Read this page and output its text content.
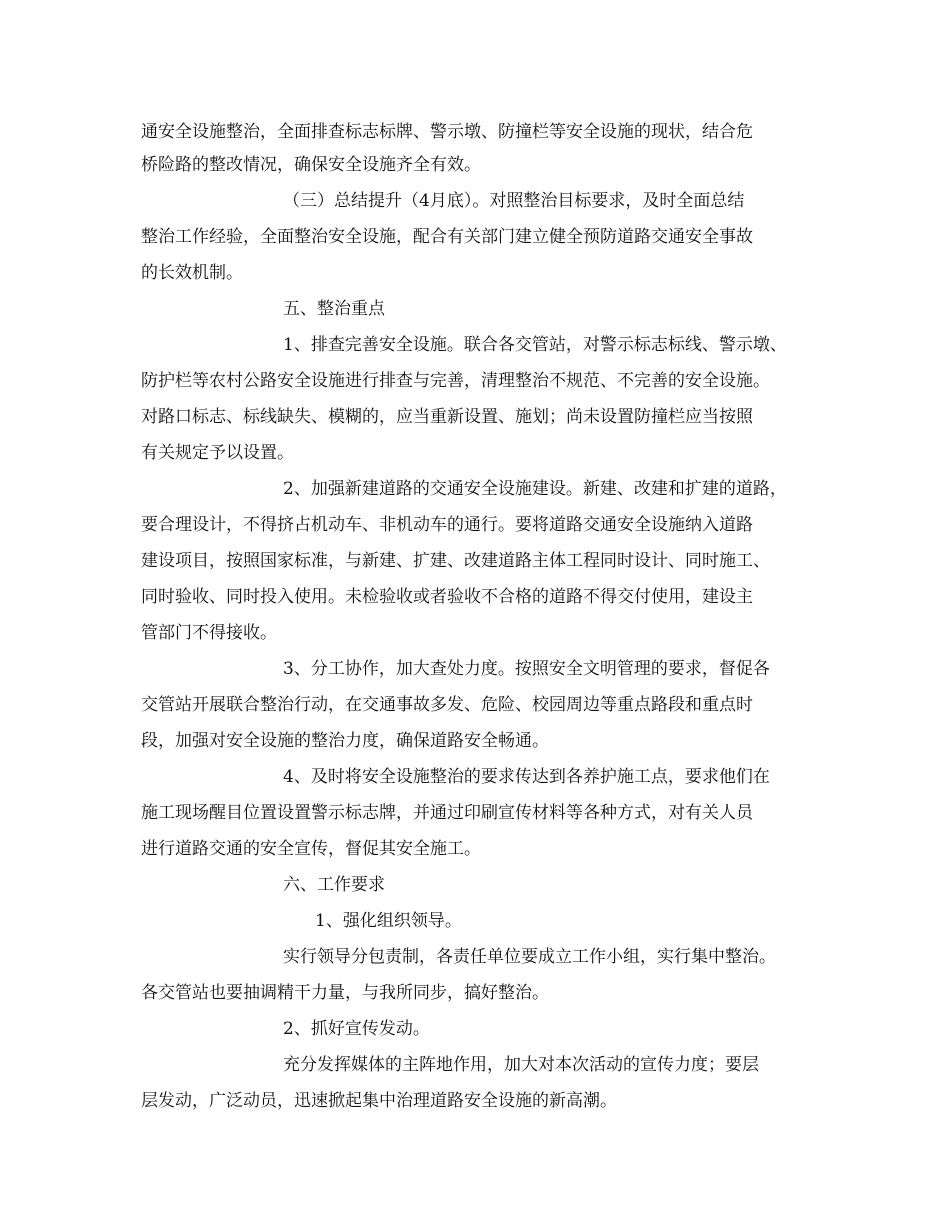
通安全设施整治，全面排查标志标牌、警示墩、防撞栏等安全设施的现状，结合危
桥险路的整改情况，确保安全设施齐全有效。
（三）总结提升（4月底）。对照整治目标要求，及时全面总结
整治工作经验，全面整治安全设施，配合有关部门建立健全预防道路交通安全事故
的长效机制。
五、整治重点
1、排查完善安全设施。联合各交管站，对警示标志标线、警示墩、
防护栏等农村公路安全设施进行排查与完善，清理整治不规范、不完善的安全设施。
对路口标志、标线缺失、模糊的，应当重新设置、施划；尚未设置防撞栏应当按照
有关规定予以设置。
2、加强新建道路的交通安全设施建设。新建、改建和扩建的道路，
要合理设计，不得挤占机动车、非机动车的通行。要将道路交通安全设施纳入道路
建设项目，按照国家标准，与新建、扩建、改建道路主体工程同时设计、同时施工、
同时验收、同时投入使用。未检验收或者验收不合格的道路不得交付使用，建设主
管部门不得接收。
3、分工协作，加大查处力度。按照安全文明管理的要求，督促各
交管站开展联合整治行动，在交通事故多发、危险、校园周边等重点路段和重点时
段，加强对安全设施的整治力度，确保道路安全畅通。
4、及时将安全设施整治的要求传达到各养护施工点，要求他们在
施工现场醒目位置设置警示标志牌，并通过印刷宣传材料等各种方式，对有关人员
进行道路交通的安全宣传，督促其安全施工。
六、工作要求
1、强化组织领导。
实行领导分包责制，各责任单位要成立工作小组，实行集中整治。
各交管站也要抽调精干力量，与我所同步，搞好整治。
2、抓好宣传发动。
充分发挥媒体的主阵地作用，加大对本次活动的宣传力度；要层
层发动，广泛动员，迅速掀起集中治理道路安全设施的新高潮。
